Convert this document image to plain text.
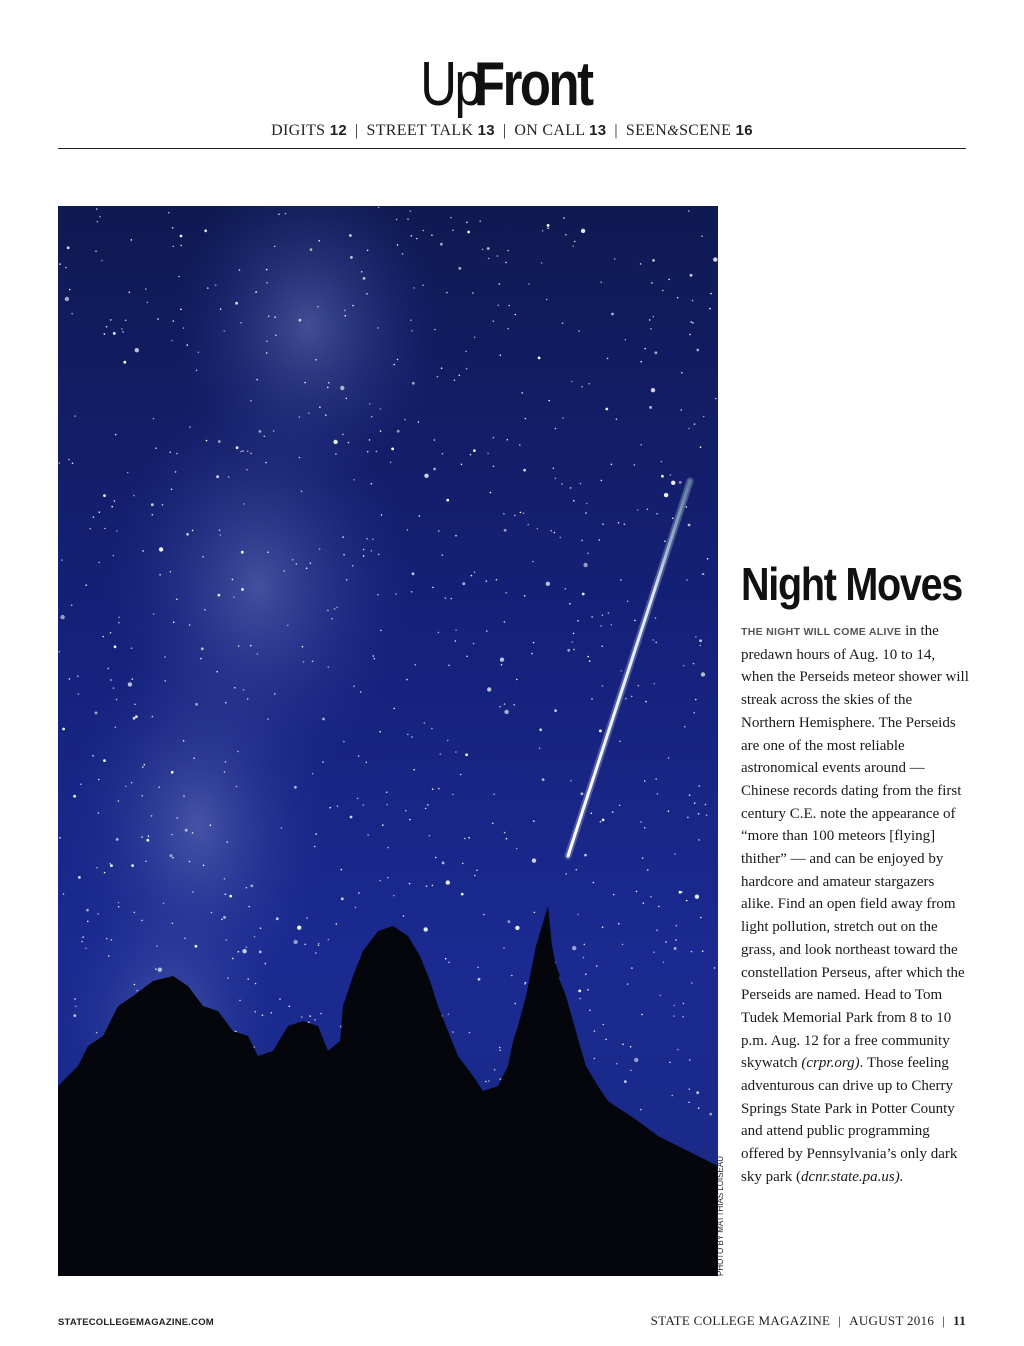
UpFront
DIGITS 12 | STREET TALK 13 | ON CALL 13 | SEEN&SCENE 16
PHOTO BY MATTHIAS LOISEAU
Night Moves

THE NIGHT WILL COME ALIVE in the predawn hours of Aug. 10 to 14, when the Perseids meteor shower will streak across the skies of the Northern Hemisphere. The Perseids are one of the most reliable astronomical events around — Chinese records dating from the first century C.E. note the appearance of “more than 100 meteors [flying] thither” — and can be enjoyed by hardcore and amateur stargazers alike. Find an open field away from light pollution, stretch out on the grass, and look northeast toward the constellation Perseus, after which the Perseids are named. Head to Tom Tudek Memorial Park from 8 to 10 p.m. Aug. 12 for a free community skywatch (crpr.org). Those feeling adventurous can drive up to Cherry Springs State Park in Potter County and attend public programming offered by Pennsylvania’s only dark sky park (dcnr.state.pa.us).

STATECOLLEGEMAGAZINE.COM	STATE COLLEGE MAGAZINE | AUGUST 2016 | 11
